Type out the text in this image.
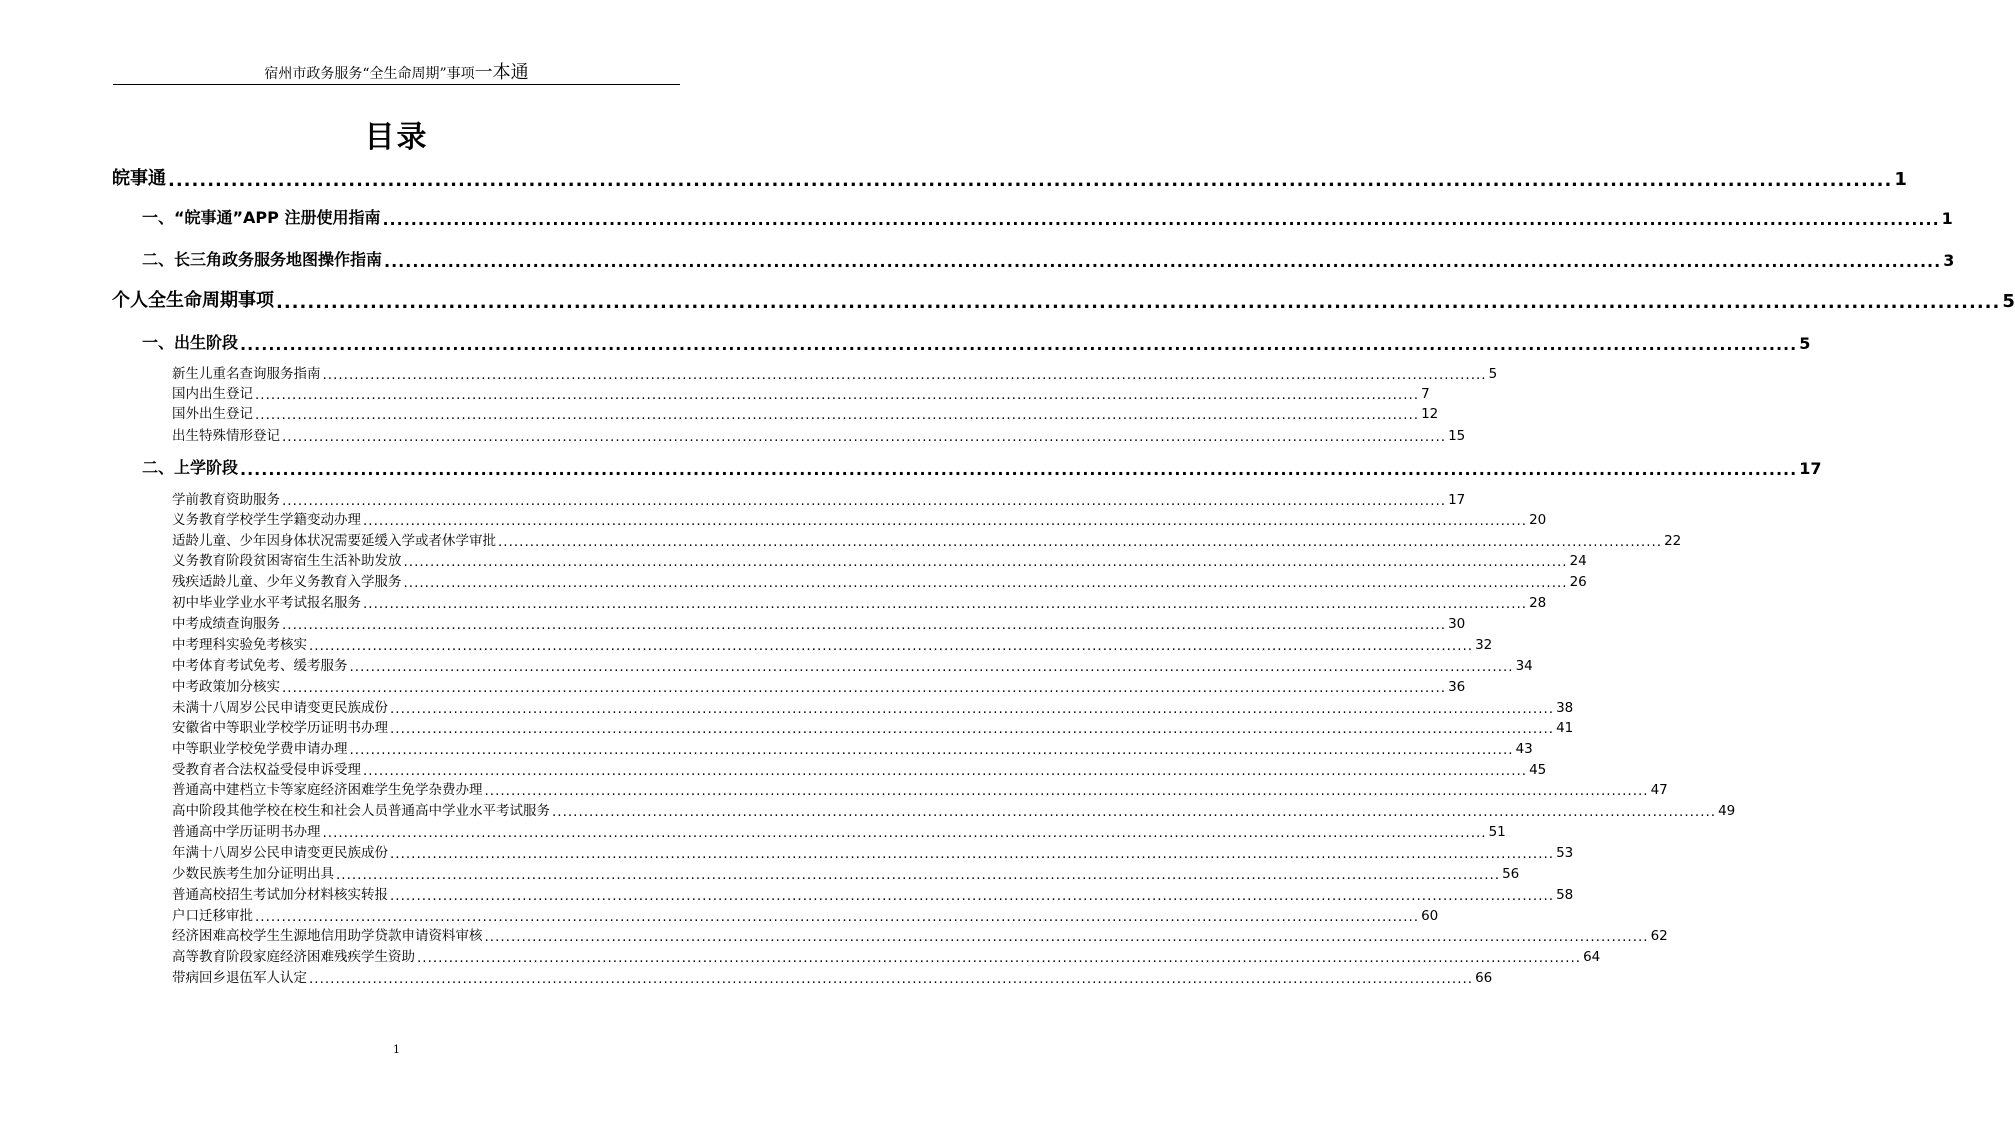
宿州市政务服务“全生命周期”事项一本通
目录
皖事通 ............................................................................................................................................................................................................................ 1
一、“皖事通”APP 注册使用指南 ............................................................................................................................................................................................................................ 1
二、长三角政务服务地图操作指南 ............................................................................................................................................................................................................................ 3
个人全生命周期事项 ............................................................................................................................................................................................................................ 5
一、出生阶段 ............................................................................................................................................................................................................................ 5
新生儿重名查询服务指南 ............................................................................................................................................................................................................................ 5
国内出生登记 ............................................................................................................................................................................................................................ 7
国外出生登记 ............................................................................................................................................................................................................................ 12
出生特殊情形登记 ............................................................................................................................................................................................................................ 15
二、上学阶段 ............................................................................................................................................................................................................................ 17
学前教育资助服务 ............................................................................................................................................................................................................................ 17
义务教育学校学生学籍变动办理 ............................................................................................................................................................................................................................ 20
适龄儿童、少年因身体状况需要延缓入学或者休学审批 ............................................................................................................................................................................................................................ 22
义务教育阶段贫困寄宿生生活补助发放 ............................................................................................................................................................................................................................ 24
残疾适龄儿童、少年义务教育入学服务 ............................................................................................................................................................................................................................ 26
初中毕业学业水平考试报名服务 ............................................................................................................................................................................................................................ 28
中考成绩查询服务 ............................................................................................................................................................................................................................ 30
中考理科实验免考核实 ............................................................................................................................................................................................................................ 32
中考体育考试免考、缓考服务 ............................................................................................................................................................................................................................ 34
中考政策加分核实 ............................................................................................................................................................................................................................ 36
未满十八周岁公民申请变更民族成份 ............................................................................................................................................................................................................................ 38
安徽省中等职业学校学历证明书办理 ............................................................................................................................................................................................................................ 41
中等职业学校免学费申请办理 ............................................................................................................................................................................................................................ 43
受教育者合法权益受侵申诉受理 ............................................................................................................................................................................................................................ 45
普通高中建档立卡等家庭经济困难学生免学杂费办理 ............................................................................................................................................................................................................................ 47
高中阶段其他学校在校生和社会人员普通高中学业水平考试服务 ............................................................................................................................................................................................................................ 49
普通高中学历证明书办理 ............................................................................................................................................................................................................................ 51
年满十八周岁公民申请变更民族成份 ............................................................................................................................................................................................................................ 53
少数民族考生加分证明出具 ............................................................................................................................................................................................................................ 56
普通高校招生考试加分材料核实转报 ............................................................................................................................................................................................................................ 58
户口迁移审批 ............................................................................................................................................................................................................................ 60
经济困难高校学生生源地信用助学贷款申请资料审核 ............................................................................................................................................................................................................................ 62
高等教育阶段家庭经济困难残疾学生资助 ............................................................................................................................................................................................................................ 64
带病回乡退伍军人认定 ............................................................................................................................................................................................................................ 66
1
